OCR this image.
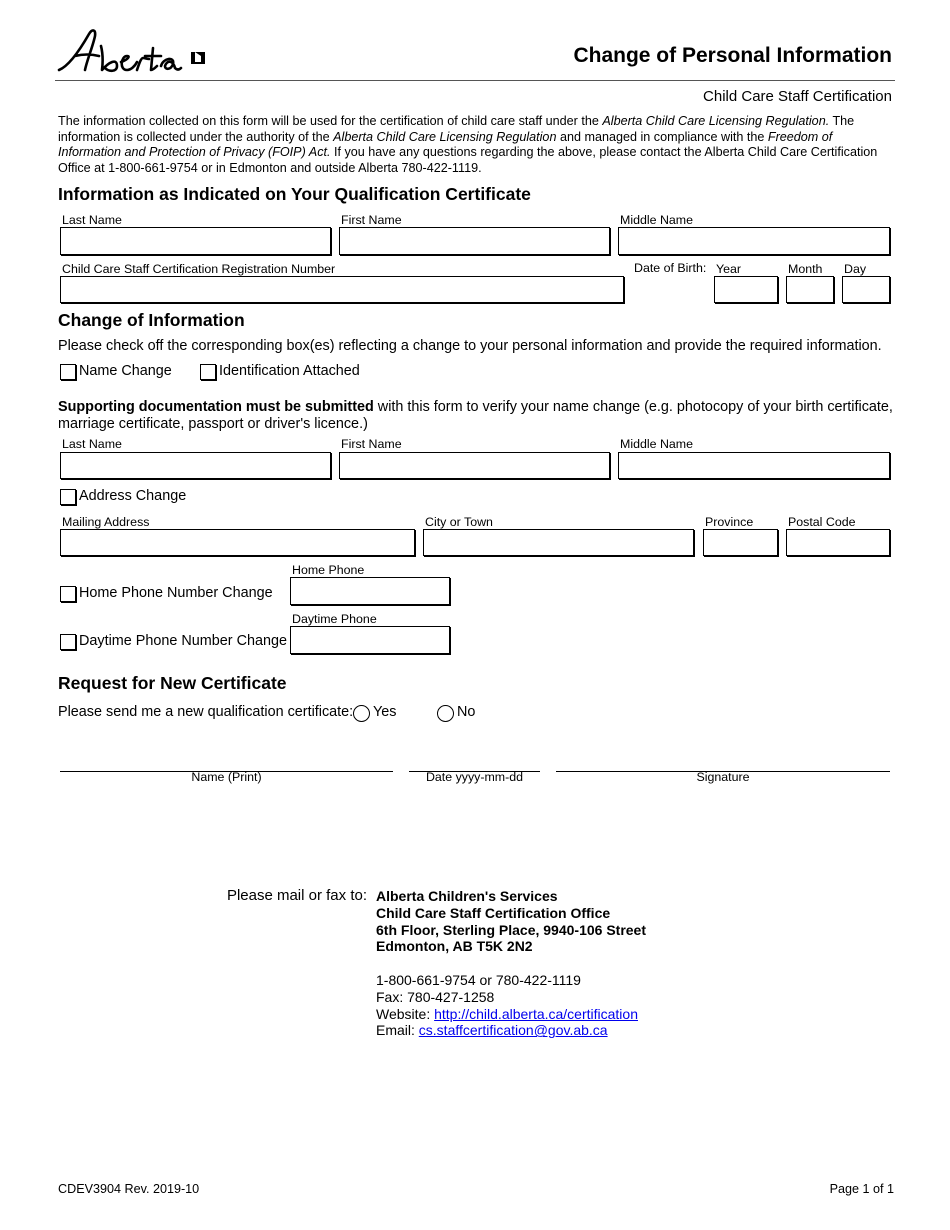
Change of Personal Information
Child Care Staff Certification
The information collected on this form will be used for the certification of child care staff under the Alberta Child Care Licensing Regulation. The information is collected under the authority of the Alberta Child Care Licensing Regulation and managed in compliance with the Freedom of Information and Protection of Privacy (FOIP) Act. If you have any questions regarding the above, please contact the Alberta Child Care Certification Office at 1-800-661-9754 or in Edmonton and outside Alberta 780-422-1119.
Information as Indicated on Your Qualification Certificate
Last Name	First Name	Middle Name
Child Care Staff Certification Registration Number	Date of Birth: Year	Month Day
Change of Information
Please check off the corresponding box(es) reflecting a change to your personal information and provide the required information.
Name Change	Identification Attached
Supporting documentation must be submitted with this form to verify your name change (e.g. photocopy of your birth certificate, marriage certificate, passport or driver's licence.)
Last Name	First Name	Middle Name
Address Change
Mailing Address	City or Town	Province	Postal Code
Home Phone
Home Phone Number Change
Daytime Phone
Daytime Phone Number Change
Request for New Certificate
Please send me a new qualification certificate: Yes	No
Name (Print)	Date yyyy-mm-dd	Signature
Please mail or fax to: Alberta Children's Services
Child Care Staff Certification Office
6th Floor, Sterling Place, 9940-106 Street
Edmonton, AB T5K 2N2
1-800-661-9754 or 780-422-1119
Fax: 780-427-1258
Website: http://child.alberta.ca/certification
Email: cs.staffcertification@gov.ab.ca
CDEV3904 Rev. 2019-10	Page 1 of 1
